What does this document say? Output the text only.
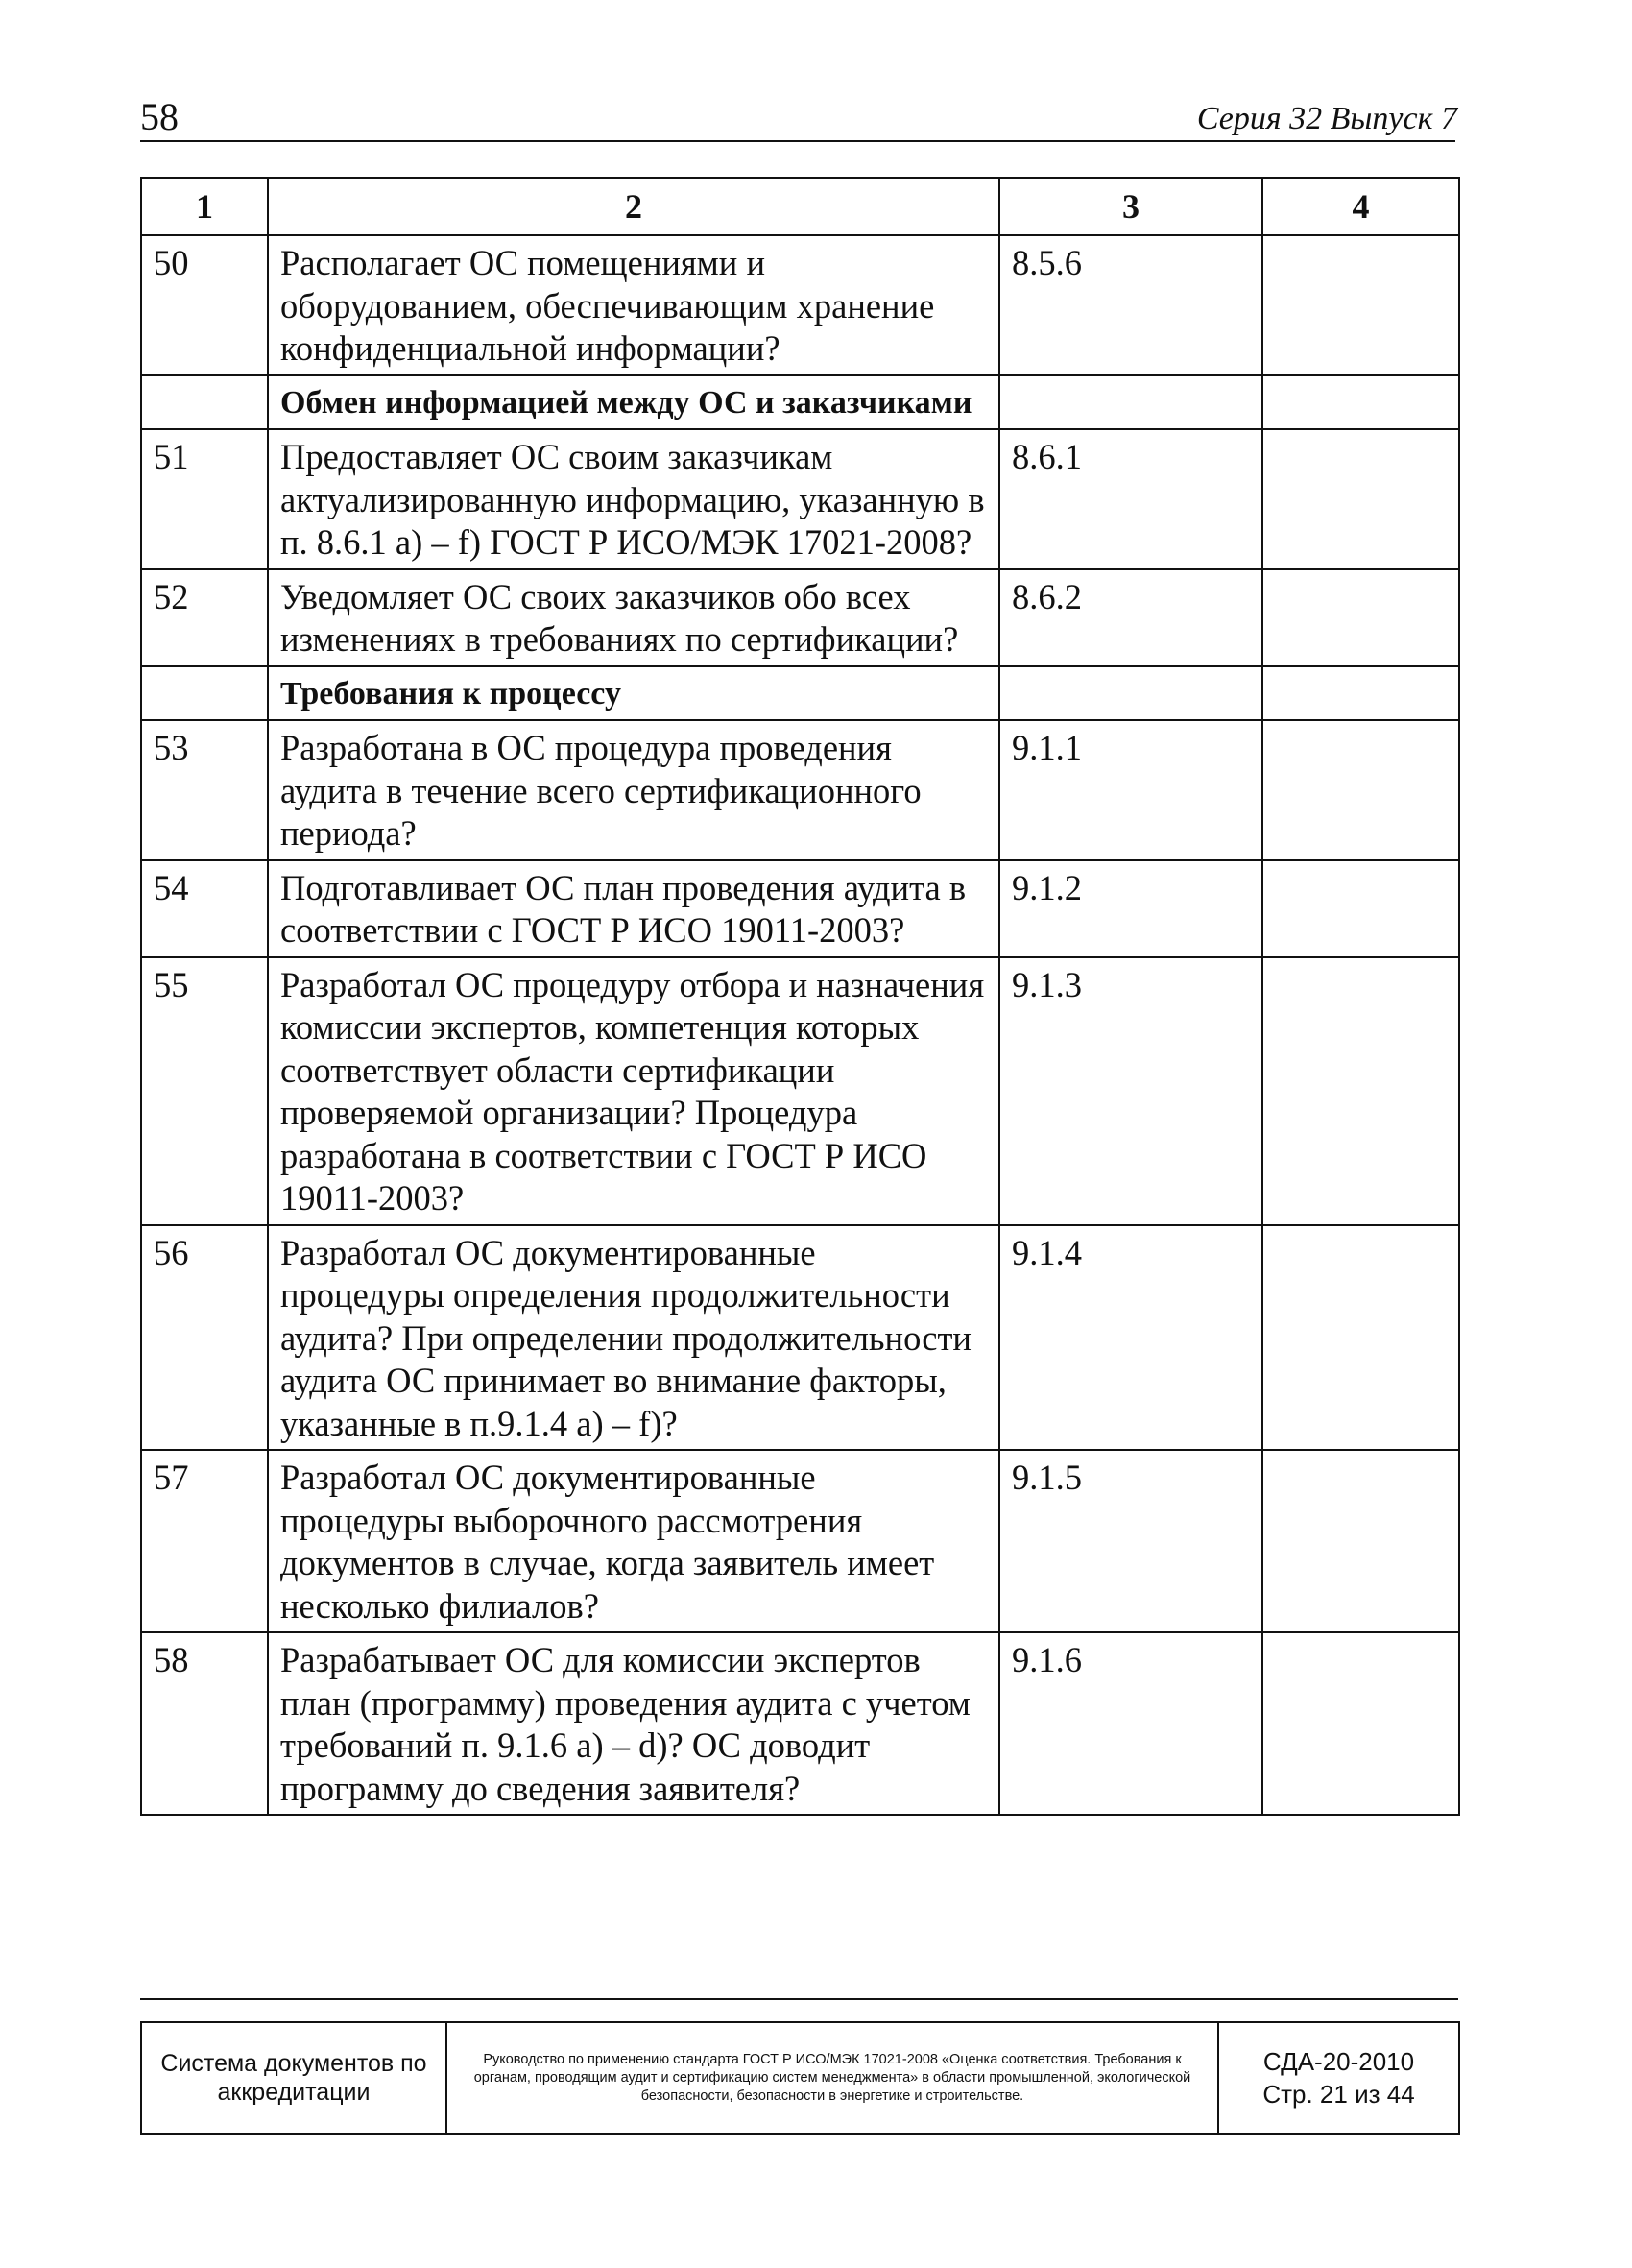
58	Серия 32 Выпуск 7
1	2	3	4
50	Располагает ОС помещениями и оборудованием, обеспечивающим хранение конфиденциальной информации?	8.5.6	
	Обмен информацией между ОС и заказчиками		
51	Предоставляет ОС своим заказчикам актуализированную информацию, указанную в п. 8.6.1 а) – f) ГОСТ Р ИСО/МЭК 17021-2008?	8.6.1	
52	Уведомляет ОС своих заказчиков обо всех изменениях в требованиях по сертификации?	8.6.2	
	Требования к процессу		
53	Разработана в ОС процедура проведения аудита в течение всего сертификационного периода?	9.1.1	
54	Подготавливает ОС план проведения аудита в соответствии с ГОСТ Р ИСО 19011-2003?	9.1.2	
55	Разработал ОС процедуру отбора и назначения комиссии экспертов, компетенция которых соответствует области сертификации проверяемой организации? Процедура разработана в соответствии с ГОСТ Р ИСО 19011-2003?	9.1.3	
56	Разработал ОС документированные процедуры определения продолжительности аудита? При определении продолжительности аудита ОС принимает во внимание факторы, указанные в п.9.1.4 а) – f)?	9.1.4	
57	Разработал ОС документированные процедуры выборочного рассмотрения документов в случае, когда заявитель имеет несколько филиалов?	9.1.5	
58	Разрабатывает ОС для комиссии экспертов план (программу) проведения аудита с учетом требований п. 9.1.6 а) – d)? ОС доводит программу до сведения заявителя?	9.1.6	
Система документов по аккредитации	Руководство по применению стандарта ГОСТ Р ИСО/МЭК 17021-2008 «Оценка соответствия. Требования к органам, проводящим аудит и сертификацию систем менеджмента» в области промышленной, экологической безопасности, безопасности в энергетике и строительстве.	
СДА-20-2010
Стр. 21 из 44
